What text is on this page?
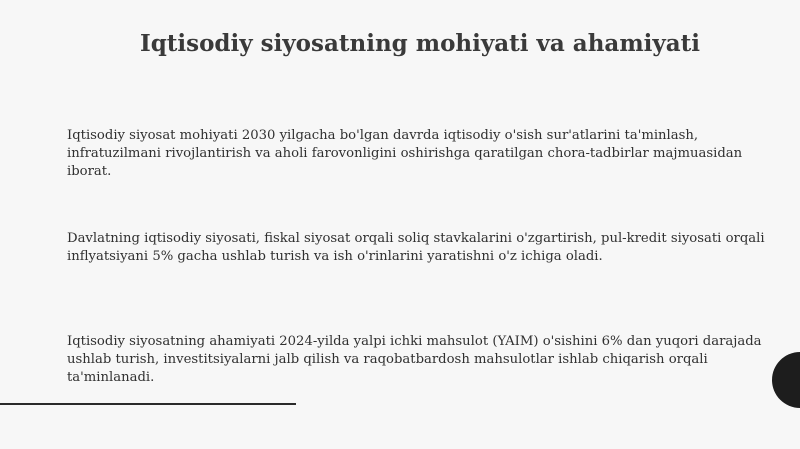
Iqtisodiy siyosatning mohiyati va ahamiyati
Iqtisodiy siyosat mohiyati 2030 yilgacha bo'lgan davrda iqtisodiy o'sish sur'atlarini ta'minlash, infratuzilmani rivojlantirish va aholi farovonligini oshirishga qaratilgan chora-tadbirlar majmuasidan iborat.
Davlatning iqtisodiy siyosati, fiskal siyosat orqali soliq stavkalarini o'zgartirish, pul-kredit siyosati orqali inflyatsiyani 5% gacha ushlab turish va ish o'rinlarini yaratishni o'z ichiga oladi.
Iqtisodiy siyosatning ahamiyati 2024-yilda yalpi ichki mahsulot (YAIM) o'sishini 6% dan yuqori darajada ushlab turish, investitsiyalarni jalb qilish va raqobatbardosh mahsulotlar ishlab chiqarish orqali ta'minlanadi.
